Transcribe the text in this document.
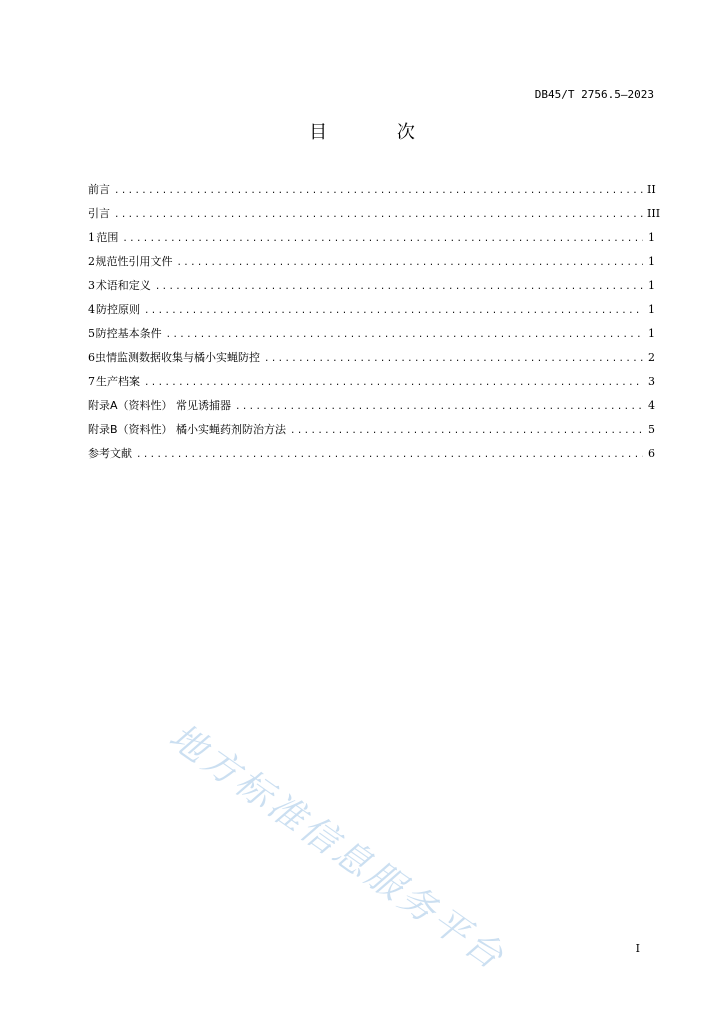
DB45/T 2756.5—2023
目 次
前言 .....	II
引言 .....	III
1 范围 .....	1
2 规范性引用文件 .....	1
3 术语和定义 .....	1
4 防控原则 .....	1
5 防控基本条件 .....	1
6 虫情监测数据收集与橘小实蝇防控 .....	2
7 生产档案 .....	3
附录A（资料性） 常见诱捕器 .....	4
附录B（资料性） 橘小实蝇药剂防治方法 .....	5
参考文献 .....	6
地方标准信息服务平台	I
